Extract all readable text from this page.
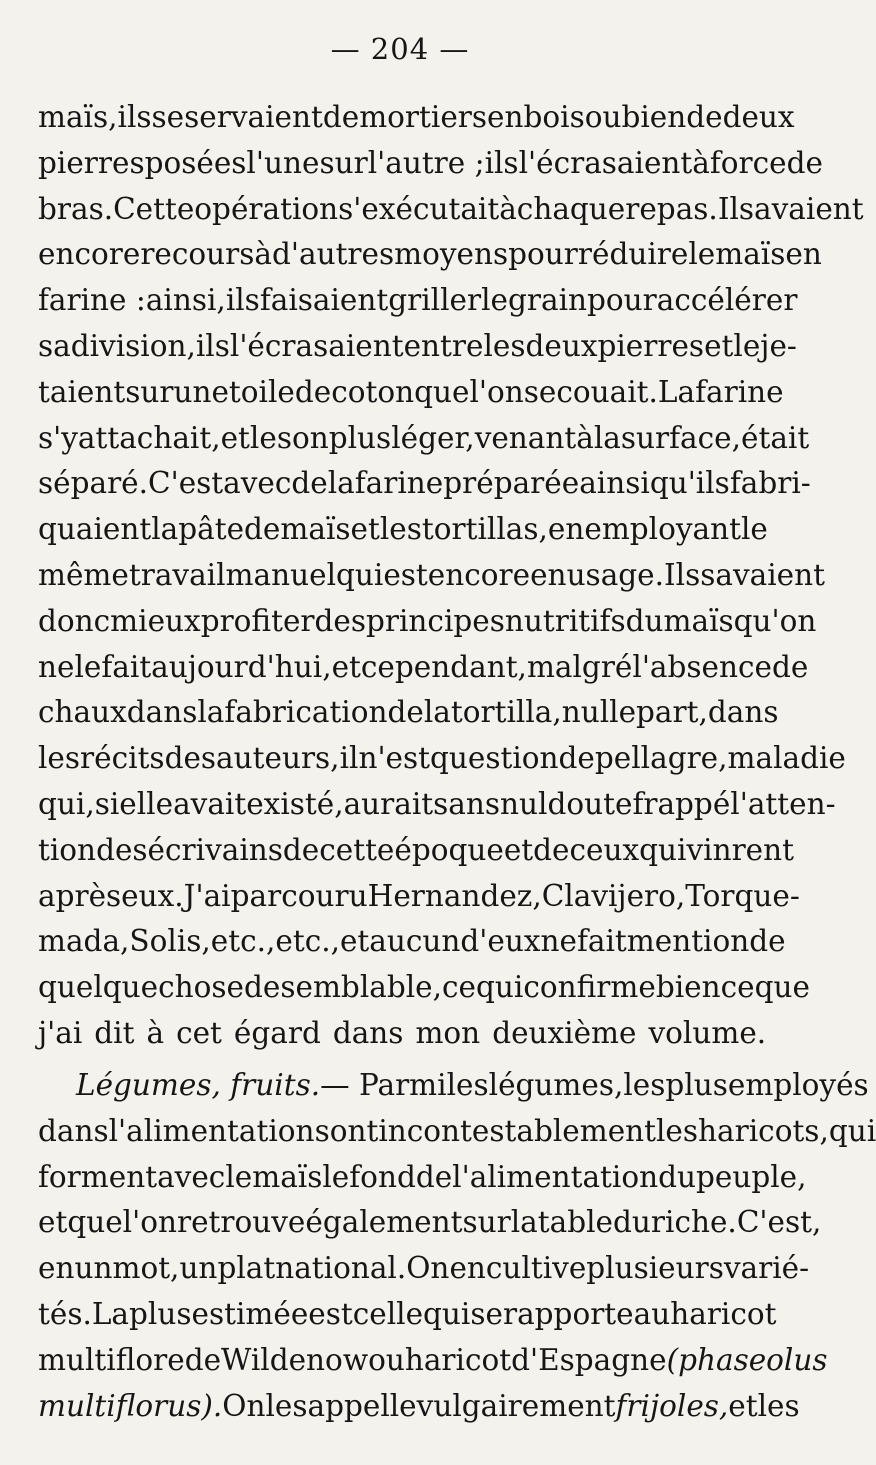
— 204 —
maïs, ils se servaient de mortiers en bois ou bien de deux
pierres posées l'une sur l'autre ; ils l'écrasaient à force de
bras. Cette opération s'exécutait à chaque repas. Ils avaient
encore recours à d'autres moyens pour réduire le maïs en
farine : ainsi, ils faisaient griller le grain pour accélérer
sa division, ils l'écrasaient entre les deux pierres et le je-
taient sur une toile de coton que l'on secouait. La farine
s'y attachait, et le son plus léger, venant à la surface, était
séparé. C'est avec de la farine préparée ainsi qu'ils fabri-
quaient la pâte de maïs et les tortillas, en employant le
même travail manuel qui est encore en usage. Ils savaient
donc mieux profiter des principes nutritifs du maïs qu'on
ne le fait aujourd'hui, et cependant, malgré l'absence de
chaux dans la fabrication de la tortilla, nulle part, dans
les récits des auteurs, il n'est question de pellagre, maladie
qui, si elle avait existé, aurait sans nul doute frappé l'atten-
tion des écrivains de cette époque et de ceux qui vinrent
après eux. J'ai parcouru Hernandez, Clavijero, Torque-
mada, Solis, etc., etc., et aucun d'eux ne fait mention de
quelque chose de semblable, ce qui confirme bien ce que
j'ai dit à cet égard dans mon deuxième volume.
Légumes, fruits. — Parmi les légumes, les plus employés
dans l'alimentation sont incontestablement les haricots, qui
forment avec le maïs le fond de l'alimentation du peuple,
et que l'on retrouve également sur la table du riche. C'est,
en un mot, un plat national. On en cultive plusieurs varié-
tés. La plus estimée est celle qui se rapporte au haricot
multiflore de Wildenow ou haricot d'Espagne (phaseolus
multiflorus). On les appelle vulgairement frijoles, et les
